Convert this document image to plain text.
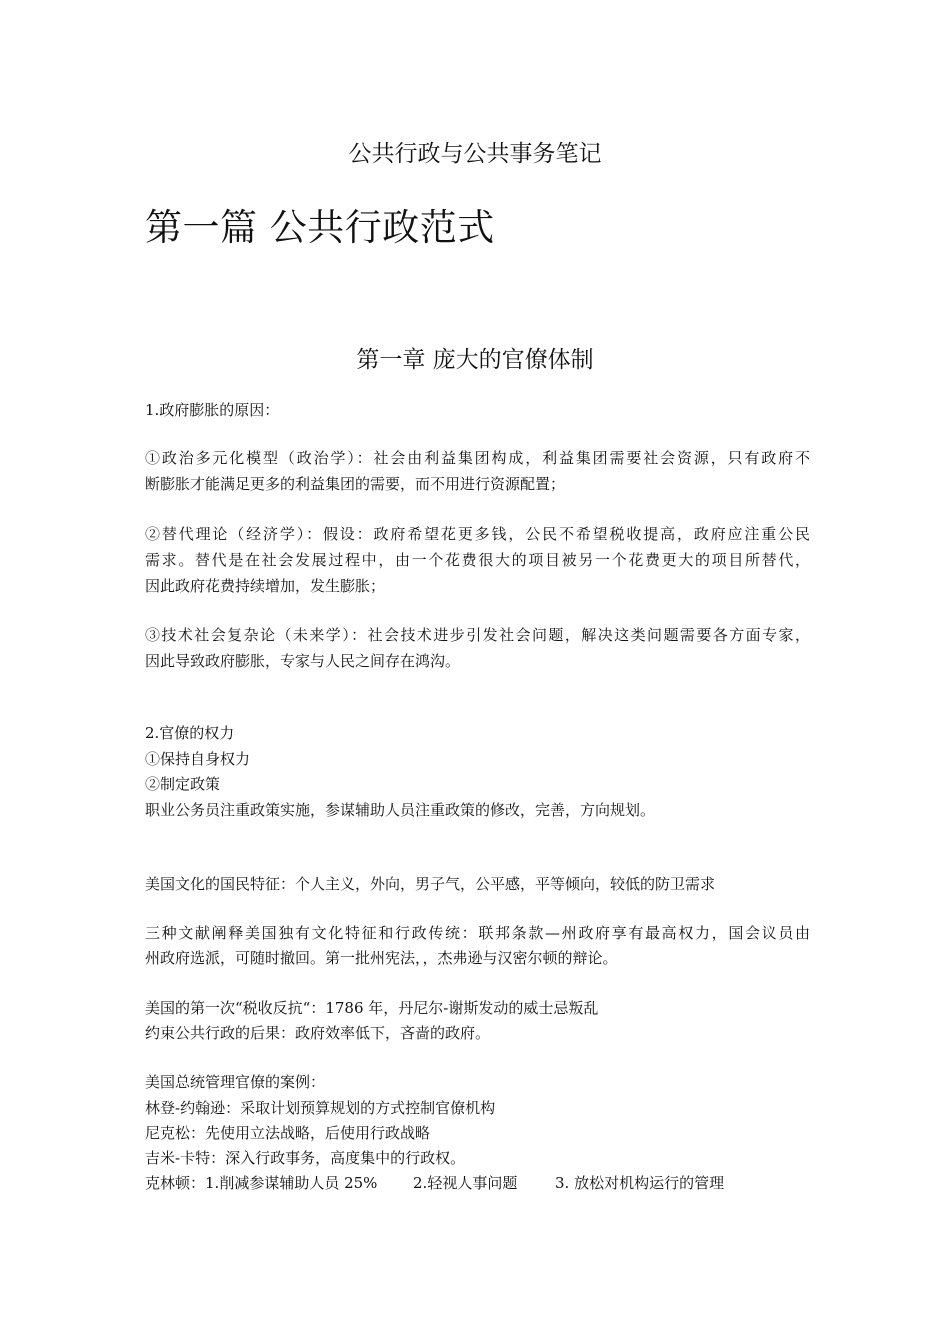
公共行政与公共事务笔记
第一篇 公共行政范式
第一章 庞大的官僚体制

1.政府膨胀的原因：

①政治多元化模型（政治学）：社会由利益集团构成，利益集团需要社会资源，只有政府不

断膨胀才能满足更多的利益集团的需要，而不用进行资源配置；

②替代理论（经济学）：假设：政府希望花更多钱，公民不希望税收提高，政府应注重公民

需求。替代是在社会发展过程中，由一个花费很大的项目被另一个花费更大的项目所替代，

因此政府花费持续增加，发生膨胀；

③技术社会复杂论（未来学）：社会技术进步引发社会问题，解决这类问题需要各方面专家，

因此导致政府膨胀，专家与人民之间存在鸿沟。

2.官僚的权力

①保持自身权力

②制定政策

职业公务员注重政策实施，参谋辅助人员注重政策的修改，完善，方向规划。

美国文化的国民特征：个人主义，外向，男子气，公平感，平等倾向，较低的防卫需求

三种文献阐释美国独有文化特征和行政传统：联邦条款—州政府享有最高权力，国会议员由

州政府选派，可随时撤回。第一批州宪法，，杰弗逊与汉密尔顿的辩论。

美国的第一次“税收反抗“：1786 年，丹尼尔-谢斯发动的威士忌叛乱

约束公共行政的后果：政府效率低下，吝啬的政府。

美国总统管理官僚的案例：

林登-约翰逊：采取计划预算规划的方式控制官僚机构

尼克松：先使用立法战略，后使用行政战略

吉米-卡特：深入行政事务，高度集中的行政权。

克林顿：1.削减参谋辅助人员 25% 2.轻视人事问题	3. 放松对机构运行的管理
